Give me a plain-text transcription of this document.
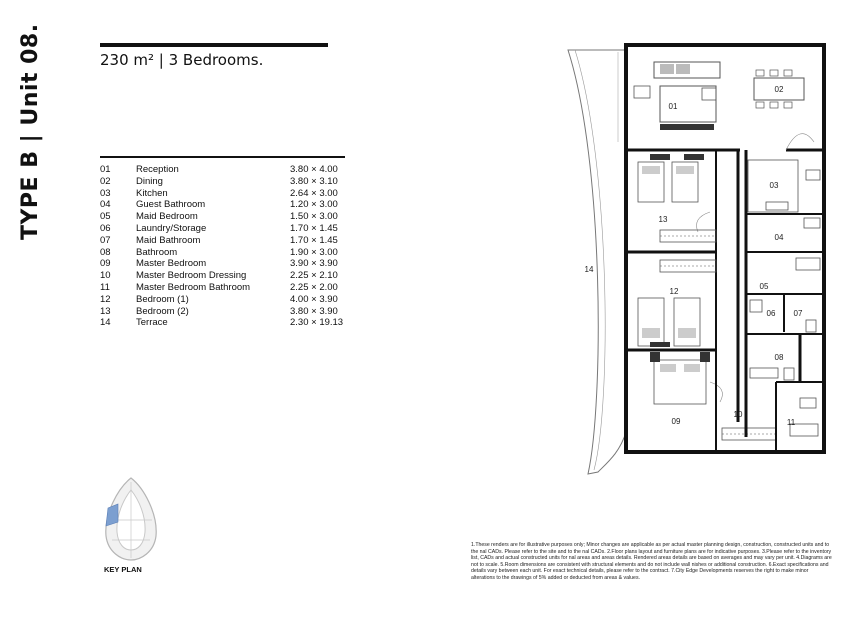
TYPE B | Unit 08.	230 m² | 3 Bedrooms.
01	Reception	3.80 × 4.00
02	Dining	3.80 × 3.10
03	Kitchen	2.64 × 3.00
04	Guest Bathroom	1.20 × 3.00
05	Maid Bedroom	1.50 × 3.00
06	Laundry/Storage	1.70 × 1.45
07	Maid Bathroom	1.70 × 1.45
08	Bathroom	1.90 × 3.00
09	Master Bedroom	3.90 × 3.90
10	Master Bedroom Dressing	2.25 × 2.10
11	Master Bedroom Bathroom	2.25 × 2.00
12	Bedroom (1)	4.00 × 3.90
13	Bedroom (2)	3.80 × 3.90
14	Terrace	2.30 × 19.13
KEY PLAN
01
02
03
04
05
06 07
08
09
10
11
12
13
14
1.These renders are for illustrative purposes only; Minor changes are applicable as per actual master planning design, construction, constructed units and to the nal CADs. Please refer to the site and to the nal CADs. 2.Floor plans layout and furniture plans are for indicative purposes. 3.Please refer to the inventory list, CADs and actual constructed units for nal areas and areas details. Rendered areas details are based on averages and may vary per unit. 4.Diagrams are not to scale. 5.Room dimensions are consistent with structural elements and do not include wall nishes or additional construction. 6.Exact specifications and details vary between each unit. For exact technical details, please refer to the contract. 7.City Edge Developments reserves the right to make minor alterations to the drawings of 5% added or deducted from areas & values.
